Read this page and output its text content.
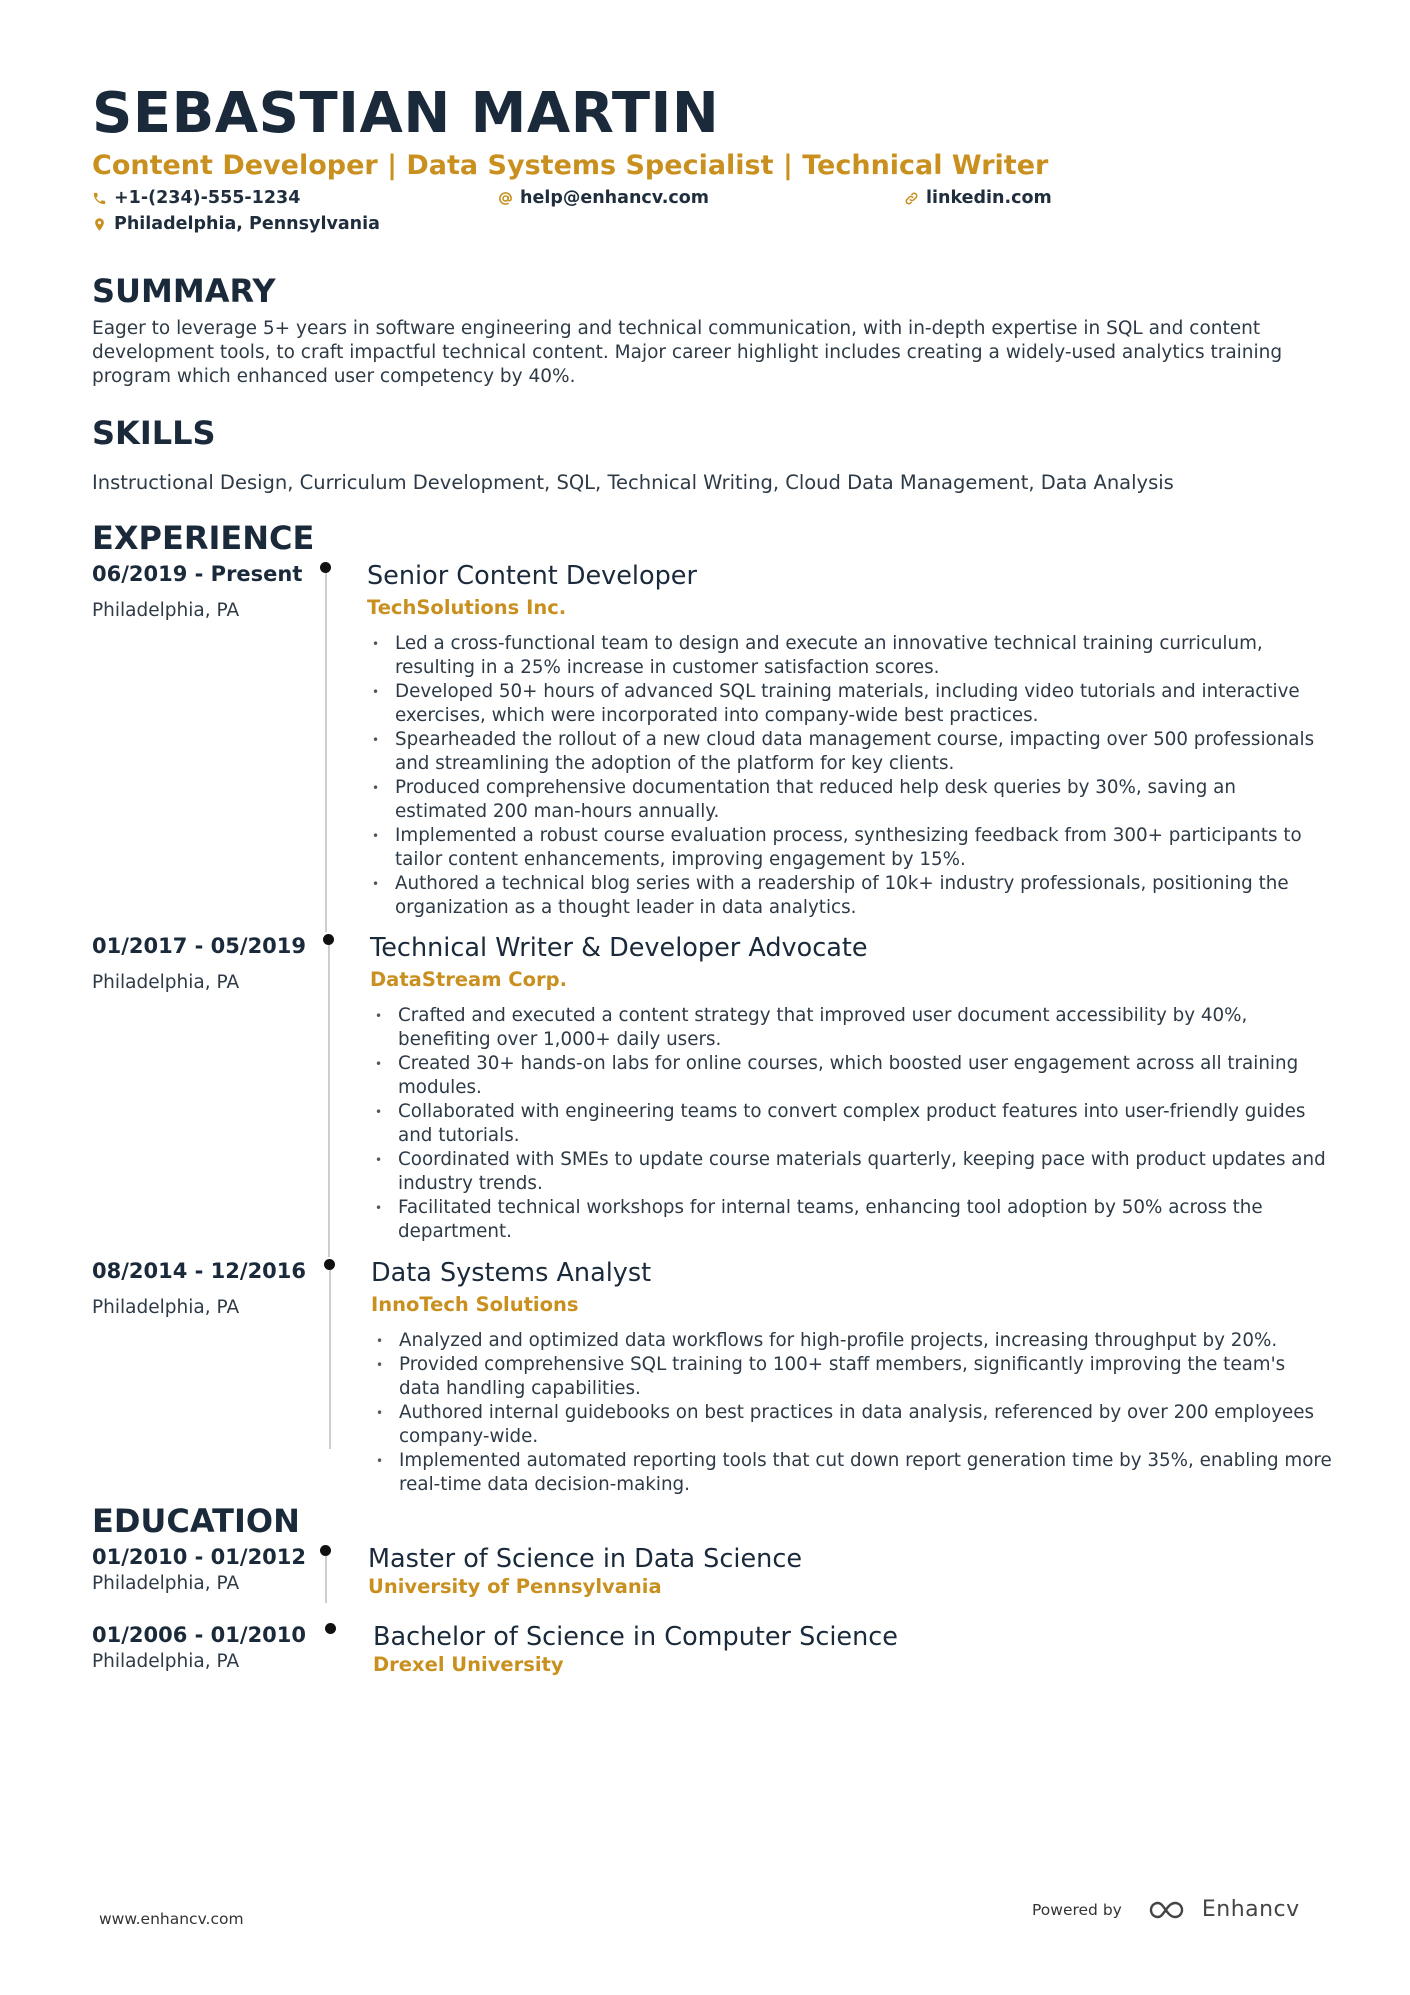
SEBASTIAN MARTIN
Content Developer | Data Systems Specialist | Technical Writer
+1-(234)-555-1234	help@enhancv.com	linkedin.com
Philadelphia, Pennsylvania
SUMMARY
Eager to leverage 5+ years in software engineering and technical communication, with in-depth expertise in SQL and content development tools, to craft impactful technical content. Major career highlight includes creating a widely-used analytics training program which enhanced user competency by 40%.
SKILLS
Instructional Design, Curriculum Development, SQL, Technical Writing, Cloud Data Management, Data Analysis
EXPERIENCE
06/2019 - Present
Philadelphia, PA
Senior Content Developer
TechSolutions Inc.
• Led a cross-functional team to design and execute an innovative technical training curriculum, resulting in a 25% increase in customer satisfaction scores.
• Developed 50+ hours of advanced SQL training materials, including video tutorials and interactive exercises, which were incorporated into company-wide best practices.
• Spearheaded the rollout of a new cloud data management course, impacting over 500 professionals and streamlining the adoption of the platform for key clients.
• Produced comprehensive documentation that reduced help desk queries by 30%, saving an estimated 200 man-hours annually.
• Implemented a robust course evaluation process, synthesizing feedback from 300+ participants to tailor content enhancements, improving engagement by 15%.
• Authored a technical blog series with a readership of 10k+ industry professionals, positioning the organization as a thought leader in data analytics.
01/2017 - 05/2019
Philadelphia, PA
Technical Writer & Developer Advocate
DataStream Corp.
• Crafted and executed a content strategy that improved user document accessibility by 40%, benefiting over 1,000+ daily users.
• Created 30+ hands-on labs for online courses, which boosted user engagement across all training modules.
• Collaborated with engineering teams to convert complex product features into user-friendly guides and tutorials.
• Coordinated with SMEs to update course materials quarterly, keeping pace with product updates and industry trends.
• Facilitated technical workshops for internal teams, enhancing tool adoption by 50% across the department.
08/2014 - 12/2016
Philadelphia, PA
Data Systems Analyst
InnoTech Solutions
• Analyzed and optimized data workflows for high-profile projects, increasing throughput by 20%.
• Provided comprehensive SQL training to 100+ staff members, significantly improving the team's data handling capabilities.
• Authored internal guidebooks on best practices in data analysis, referenced by over 200 employees company-wide.
• Implemented automated reporting tools that cut down report generation time by 35%, enabling more real-time data decision-making.
EDUCATION
01/2010 - 01/2012
Philadelphia, PA
Master of Science in Data Science
University of Pennsylvania
01/2006 - 01/2010
Philadelphia, PA
Bachelor of Science in Computer Science
Drexel University
www.enhancv.com
Powered by	Enhancv
